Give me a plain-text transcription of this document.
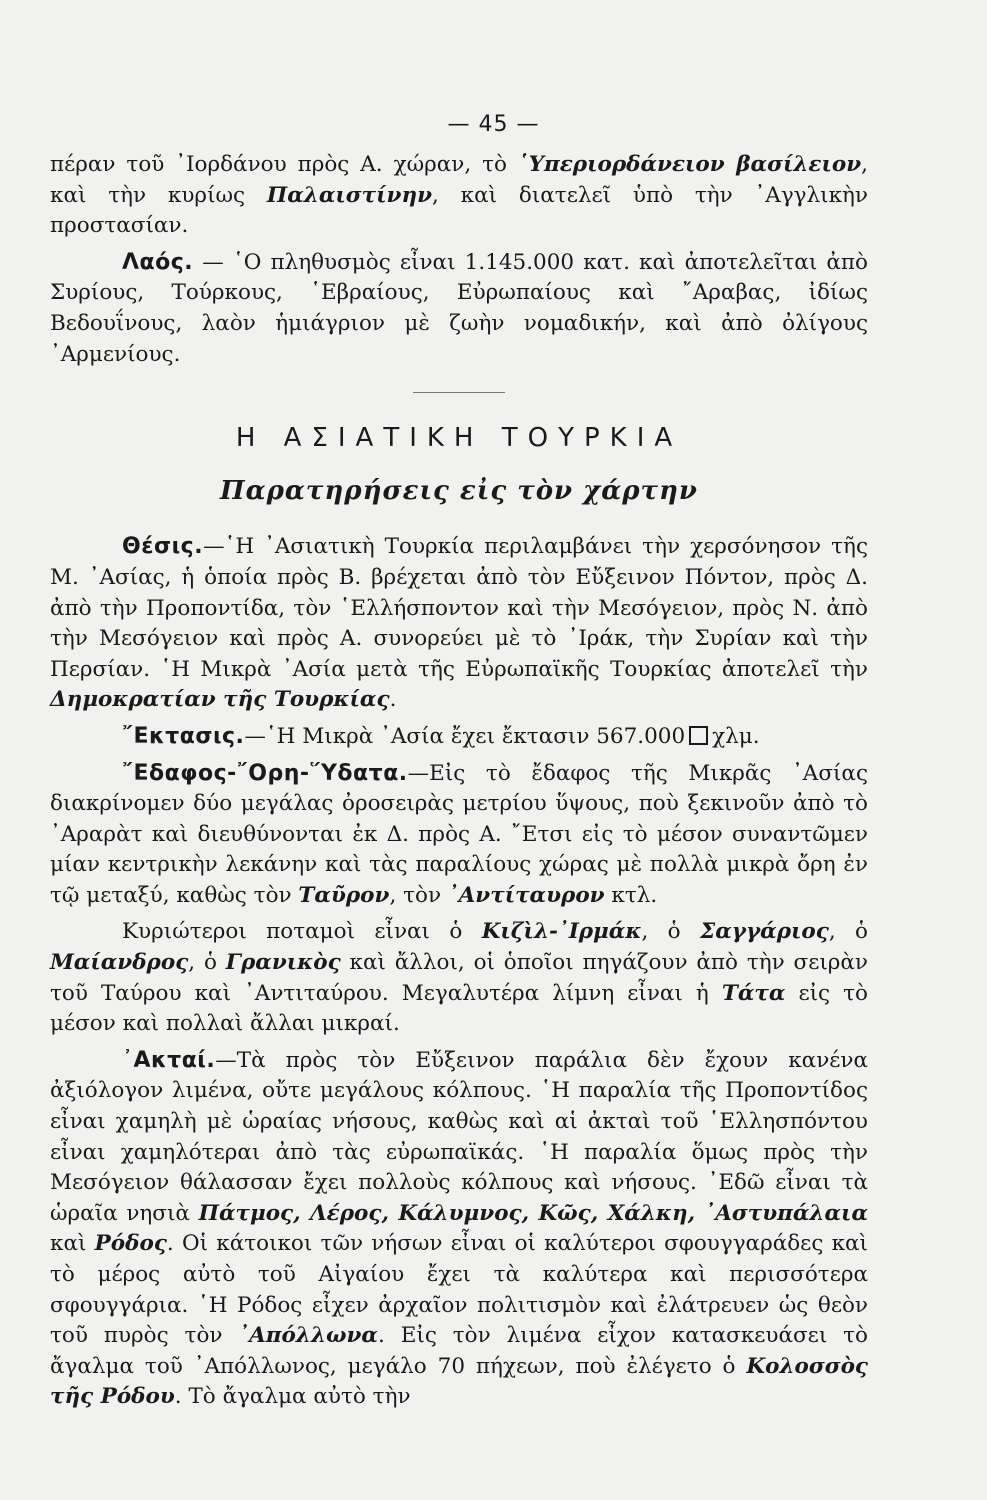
— 45 —

πέραν τοῦ ᾿Ιορδάνου πρὸς Α. χώραν, τὸ ῾Υπεριορδάνειον βασίλειον, καὶ τὴν κυρίως Παλαιστίνην, καὶ διατελεῖ ὑπὸ τὴν ᾿Αγγλικὴν προστασίαν.

Λαός. — ῾Ο πληθυσμὸς εἶναι 1.145.000 κατ. καὶ ἀποτελεῖται ἀπὸ Συρίους, Τούρκους, ῾Εβραίους, Εὐρωπαίους καὶ ῎Αραβας, ἰδίως Βεδουΐνους, λαὸν ἡμιάγριον μὲ ζωὴν νομαδικήν, καὶ ἀπὸ ὀλίγους ᾿Αρμενίους.

Η ΑΣΙΑΤΙΚΗ ΤΟΥΡΚΙΑ
Παρατηρήσεις εἰς τὸν χάρτην

Θέσις.—῾Η ᾿Ασιατικὴ Τουρκία περιλαμβάνει τὴν χερσόνησον τῆς Μ. ᾿Ασίας, ἡ ὁποία πρὸς Β. βρέχεται ἀπὸ τὸν Εὔξεινον Πόντον, πρὸς Δ. ἀπὸ τὴν Προποντίδα, τὸν ῾Ελλήσποντον καὶ τὴν Μεσόγειον, πρὸς Ν. ἀπὸ τὴν Μεσόγειον καὶ πρὸς Α. συνορεύει μὲ τὸ ᾿Ιράκ, τὴν Συρίαν καὶ τὴν Περσίαν. ῾Η Μικρὰ ᾿Ασία μετὰ τῆς Εὐρωπαϊκῆς Τουρκίας ἀποτελεῖ τὴν Δημοκρατίαν τῆς Τουρκίας.

῎Εκτασις.—῾Η Μικρὰ ᾿Ασία ἔχει ἔκτασιν 567.000 χλμ.

῎Εδαφος-῎Ορη-῞Υδατα.—Εἰς τὸ ἔδαφος τῆς Μικρᾶς ᾿Ασίας διακρίνομεν δύο μεγάλας ὀροσειρὰς μετρίου ὕψους, ποὺ ξεκινοῦν ἀπὸ τὸ ᾿Αραρὰτ καὶ διευθύνονται ἐκ Δ. πρὸς Α. ῎Ετσι εἰς τὸ μέσον συναντῶμεν μίαν κεντρικὴν λεκάνην καὶ τὰς παραλίους χώρας μὲ πολλὰ μικρὰ ὄρη ἐν τῷ μεταξύ, καθὼς τὸν Ταῦρον, τὸν ᾿Αντίταυρον κτλ.

Κυριώτεροι ποταμοὶ εἶναι ὁ Κιζὶλ-᾿Ιρμάκ, ὁ Σαγγάριος, ὁ Μαίανδρος, ὁ Γρανικὸς καὶ ἄλλοι, οἱ ὁποῖοι πηγάζουν ἀπὸ τὴν σειρὰν τοῦ Ταύρου καὶ ᾿Αντιταύρου. Μεγαλυτέρα λίμνη εἶναι ἡ Τάτα εἰς τὸ μέσον καὶ πολλαὶ ἄλλαι μικραί.

᾿Ακταί.—Τὰ πρὸς τὸν Εὔξεινον παράλια δὲν ἔχουν κανένα ἀξιόλογον λιμένα, οὔτε μεγάλους κόλπους. ῾Η παραλία τῆς Προποντίδος εἶναι χαμηλὴ μὲ ὡραίας νήσους, καθὼς καὶ αἱ ἀκταὶ τοῦ ῾Ελλησπόντου εἶναι χαμηλότεραι ἀπὸ τὰς εὐρωπαϊκάς. ῾Η παραλία ὅμως πρὸς τὴν Μεσόγειον θάλασσαν ἔχει πολλοὺς κόλπους καὶ νήσους. ᾿Εδῶ εἶναι τὰ ὡραῖα νησιὰ Πάτμος, Λέρος, Κάλυμνος, Κῶς, Χάλκη, ᾿Αστυπάλαια καὶ Ρόδος. Οἱ κάτοικοι τῶν νήσων εἶναι οἱ καλύτεροι σφουγγαράδες καὶ τὸ μέρος αὐτὸ τοῦ Αἰγαίου ἔχει τὰ καλύτερα καὶ περισσότερα σφουγγάρια. ῾Η Ρόδος εἶχεν ἀρχαῖον πολιτισμὸν καὶ ἐλάτρευεν ὡς θεὸν τοῦ πυρὸς τὸν ᾿Απόλλωνα. Εἰς τὸν λιμένα εἶχον κατασκευάσει τὸ ἄγαλμα τοῦ ᾿Απόλλωνος, μεγάλο 70 πήχεων, ποὺ ἐλέγετο ὁ Κολοσσὸς τῆς Ρόδου. Τὸ ἄγαλμα αὐτὸ τὴν
